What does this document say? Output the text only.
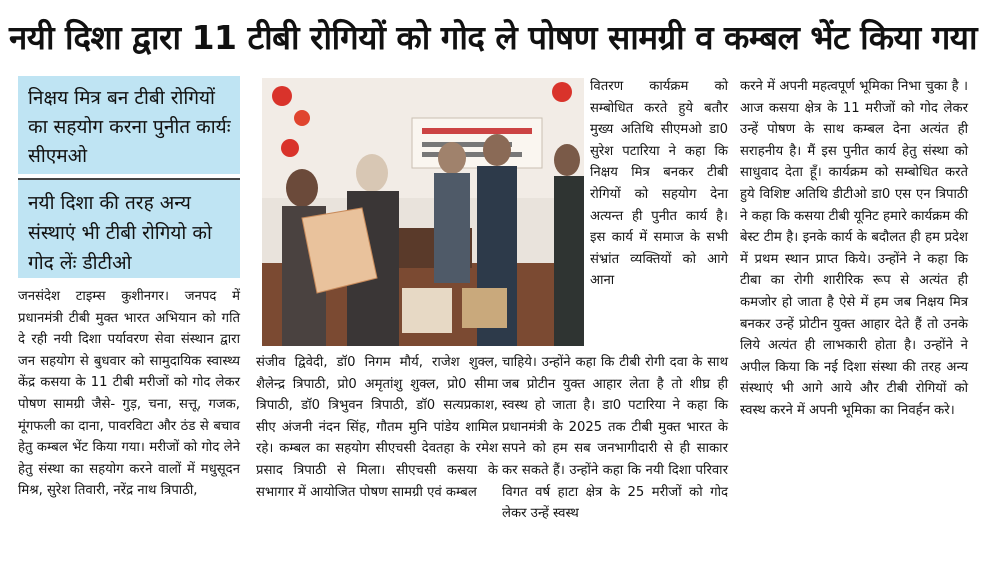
नयी दिशा द्वारा 11 टीबी रोगियों को गोद ले पोषण सामग्री व कम्बल भेंट किया गया
निक्षय मित्र बन टीबी रोगियों का सहयोग करना पुनीत कार्यः सीएमओ
नयी दिशा की तरह अन्य संस्थाएं भी टीबी रोगियो को गोद लेंः डीटीओ

जनसंदेश टाइम्स कुशीनगर। जनपद में प्रधानमंत्री टीबी मुक्त भारत अभियान को गति दे रही नयी दिशा पर्यावरण सेवा संस्थान द्वारा जन सहयोग से बुधवार को सामुदायिक स्वास्थ्य केंद्र कसया के 11 टीबी मरीजों को गोद लेकर पोषण सामग्री जैसे- गुड़, चना, सत्तू, गजक, मूंगफली का दाना, पावरविटा और ठंड से बचाव हेतु कम्बल भेंट किया गया। मरीजों को गोद लेने हेतु संस्था का सहयोग करने वालों में मधुसूदन मिश्र, सुरेश तिवारी, नरेंद्र नाथ त्रिपाठी,

वितरण कार्यक्रम को सम्बोधित करते हुये बतौर मुख्य अतिथि सीएमओ डा0 सुरेश पटारिया ने कहा कि निक्षय मित्र बनकर टीबी रोगियों को सहयोग देना अत्यन्त ही पुनीत कार्य है। इस कार्य में समाज के सभी संभ्रांत व्यक्तियों को आगे आना

संजीव द्विवेदी, डॉ0 निगम मौर्य, राजेश शुक्ल, शैलेन्द्र त्रिपाठी, प्रो0 अमृतांशु शुक्ल, प्रो0 सीमा त्रिपाठी, डॉ0 त्रिभुवन त्रिपाठी, डॉ0 सत्यप्रकाश, सीए अंजनी नंदन सिंह, गौतम मुनि पांडेय शामिल रहे। कम्बल का सहयोग सीएचसी देवतहा के रमेश प्रसाद त्रिपाठी से मिला। सीएचसी कसया के सभागार में आयोजित पोषण सामग्री एवं कम्बल

चाहिये। उन्होंने कहा कि टीबी रोगी दवा के साथ जब प्रोटीन युक्त आहार लेता है तो शीघ्र ही स्वस्थ हो जाता है। डा0 पटारिया ने कहा कि प्रधानमंत्री के 2025 तक टीबी मुक्त भारत के सपने को हम सब जनभागीदारी से ही साकार कर सकते हैं। उन्होंने कहा कि नयी दिशा परिवार विगत वर्ष हाटा क्षेत्र के 25 मरीजों को गोद लेकर उन्हें स्वस्थ

करने में अपनी महत्वपूर्ण भूमिका निभा चुका है । आज कसया क्षेत्र के 11 मरीजों को गोद लेकर उन्हें पोषण के साथ कम्बल देना अत्यंत ही सराहनीय है। मैं इस पुनीत कार्य हेतु संस्था को साधुवाद देता हूँ। कार्यक्रम को सम्बोधित करते हुये विशिष्ट अतिथि डीटीओ डा0 एस एन त्रिपाठी ने कहा कि कसया टीबी यूनिट हमारे कार्यक्रम की बेस्ट टीम है। इनके कार्य के बदौलत ही हम प्रदेश में प्रथम स्थान प्राप्त किये। उन्होंने ने कहा कि टीबा का रोगी शारीरिक रूप से अत्यंत ही कमजोर हो जाता है ऐसे में हम जब निक्षय मित्र बनकर उन्हें प्रोटीन युक्त आहार देते हैं तो उनके लिये अत्यंत ही लाभकारी होता है। उन्होंने ने अपील किया कि नई दिशा संस्था की तरह अन्य संस्थाएं भी आगे आये और टीबी रोगियों को स्वस्थ करने में अपनी भूमिका का निवर्हन करे।
